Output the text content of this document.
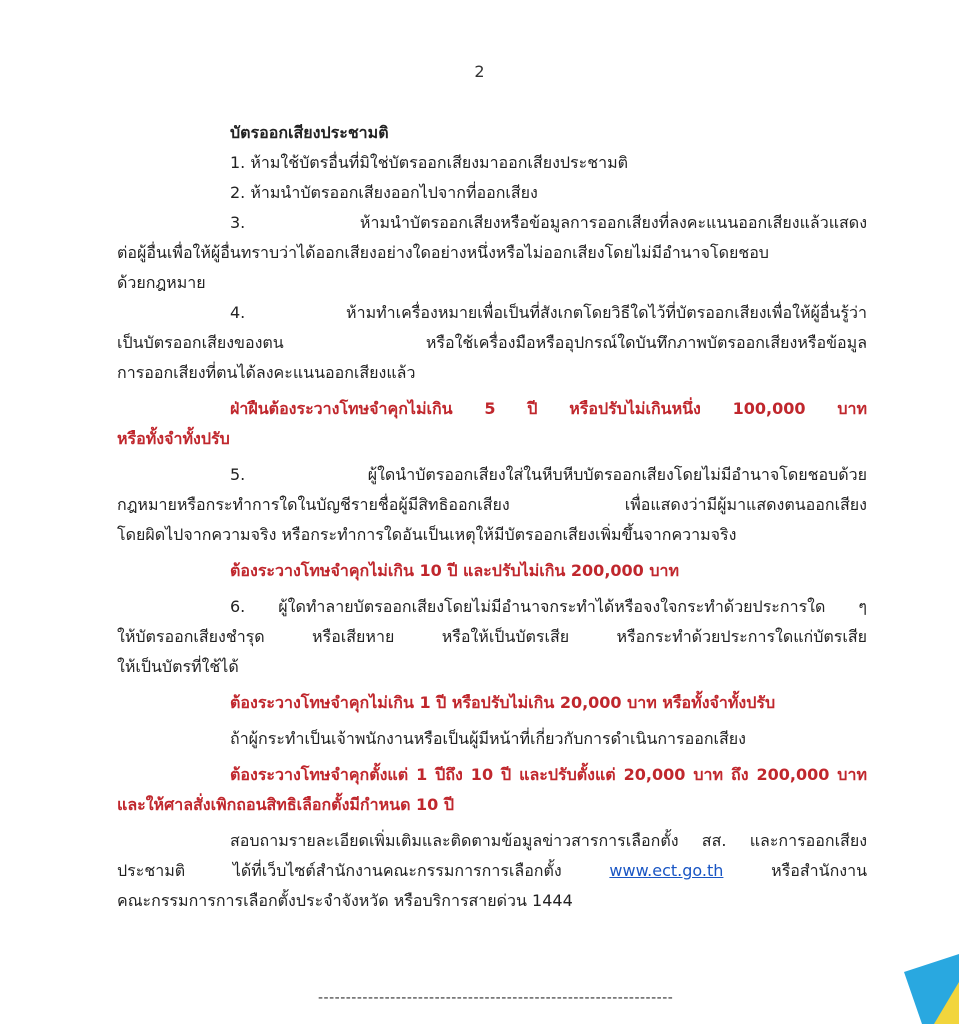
2
บัตรออกเสียงประชามติ
1. ห้ามใช้บัตรอื่นที่มิใช่บัตรออกเสียงมาออกเสียงประชามติ
2. ห้ามนำบัตรออกเสียงออกไปจากที่ออกเสียง
3. ห้ามนำบัตรออกเสียงหรือข้อมูลการออกเสียงที่ลงคะแนนออกเสียงแล้วแสดง
ต่อผู้อื่นเพื่อให้ผู้อื่นทราบว่าได้ออกเสียงอย่างใดอย่างหนึ่งหรือไม่ออกเสียงโดยไม่มีอำนาจโดยชอบ
ด้วยกฎหมาย
4. ห้ามทำเครื่องหมายเพื่อเป็นที่สังเกตโดยวิธีใดไว้ที่บัตรออกเสียงเพื่อให้ผู้อื่นรู้ว่า
เป็นบัตรออกเสียงของตน หรือใช้เครื่องมือหรืออุปกรณ์ใดบันทึกภาพบัตรออกเสียงหรือข้อมูล
การออกเสียงที่ตนได้ลงคะแนนออกเสียงแล้ว
ฝ่าฝืนต้องระวางโทษจำคุกไม่เกิน 5 ปี หรือปรับไม่เกินหนึ่ง 100,000 บาท
หรือทั้งจำทั้งปรับ
5. ผู้ใดนำบัตรออกเสียงใส่ในหีบหีบบัตรออกเสียงโดยไม่มีอำนาจโดยชอบด้วย
กฎหมายหรือกระทำการใดในบัญชีรายชื่อผู้มีสิทธิออกเสียง เพื่อแสดงว่ามีผู้มาแสดงตนออกเสียง
โดยผิดไปจากความจริง หรือกระทำการใดอันเป็นเหตุให้มีบัตรออกเสียงเพิ่มขึ้นจากความจริง
ต้องระวางโทษจำคุกไม่เกิน 10 ปี และปรับไม่เกิน 200,000 บาท
6. ผู้ใดทำลายบัตรออกเสียงโดยไม่มีอำนาจกระทำได้หรือจงใจกระทำด้วยประการใด ๆ
ให้บัตรออกเสียงชำรุด หรือเสียหาย หรือให้เป็นบัตรเสีย หรือกระทำด้วยประการใดแก่บัตรเสีย
ให้เป็นบัตรที่ใช้ได้
ต้องระวางโทษจำคุกไม่เกิน 1 ปี หรือปรับไม่เกิน 20,000 บาท หรือทั้งจำทั้งปรับ
ถ้าผู้กระทำเป็นเจ้าพนักงานหรือเป็นผู้มีหน้าที่เกี่ยวกับการดำเนินการออกเสียง
ต้องระวางโทษจำคุกตั้งแต่ 1 ปีถึง 10 ปี และปรับตั้งแต่ 20,000 บาท ถึง 200,000 บาท
และให้ศาลสั่งเพิกถอนสิทธิเลือกตั้งมีกำหนด 10 ปี
สอบถามรายละเอียดเพิ่มเติมและติดตามข้อมูลข่าวสารการเลือกตั้ง สส. และการออกเสียง
ประชามติ ได้ที่เว็บไซต์สำนักงานคณะกรรมการการเลือกตั้ง	www.ect.go.th	หรือสำนักงาน
คณะกรรมการการเลือกตั้งประจำจังหวัด หรือบริการสายด่วน 1444
----------------------------------------------------------------
